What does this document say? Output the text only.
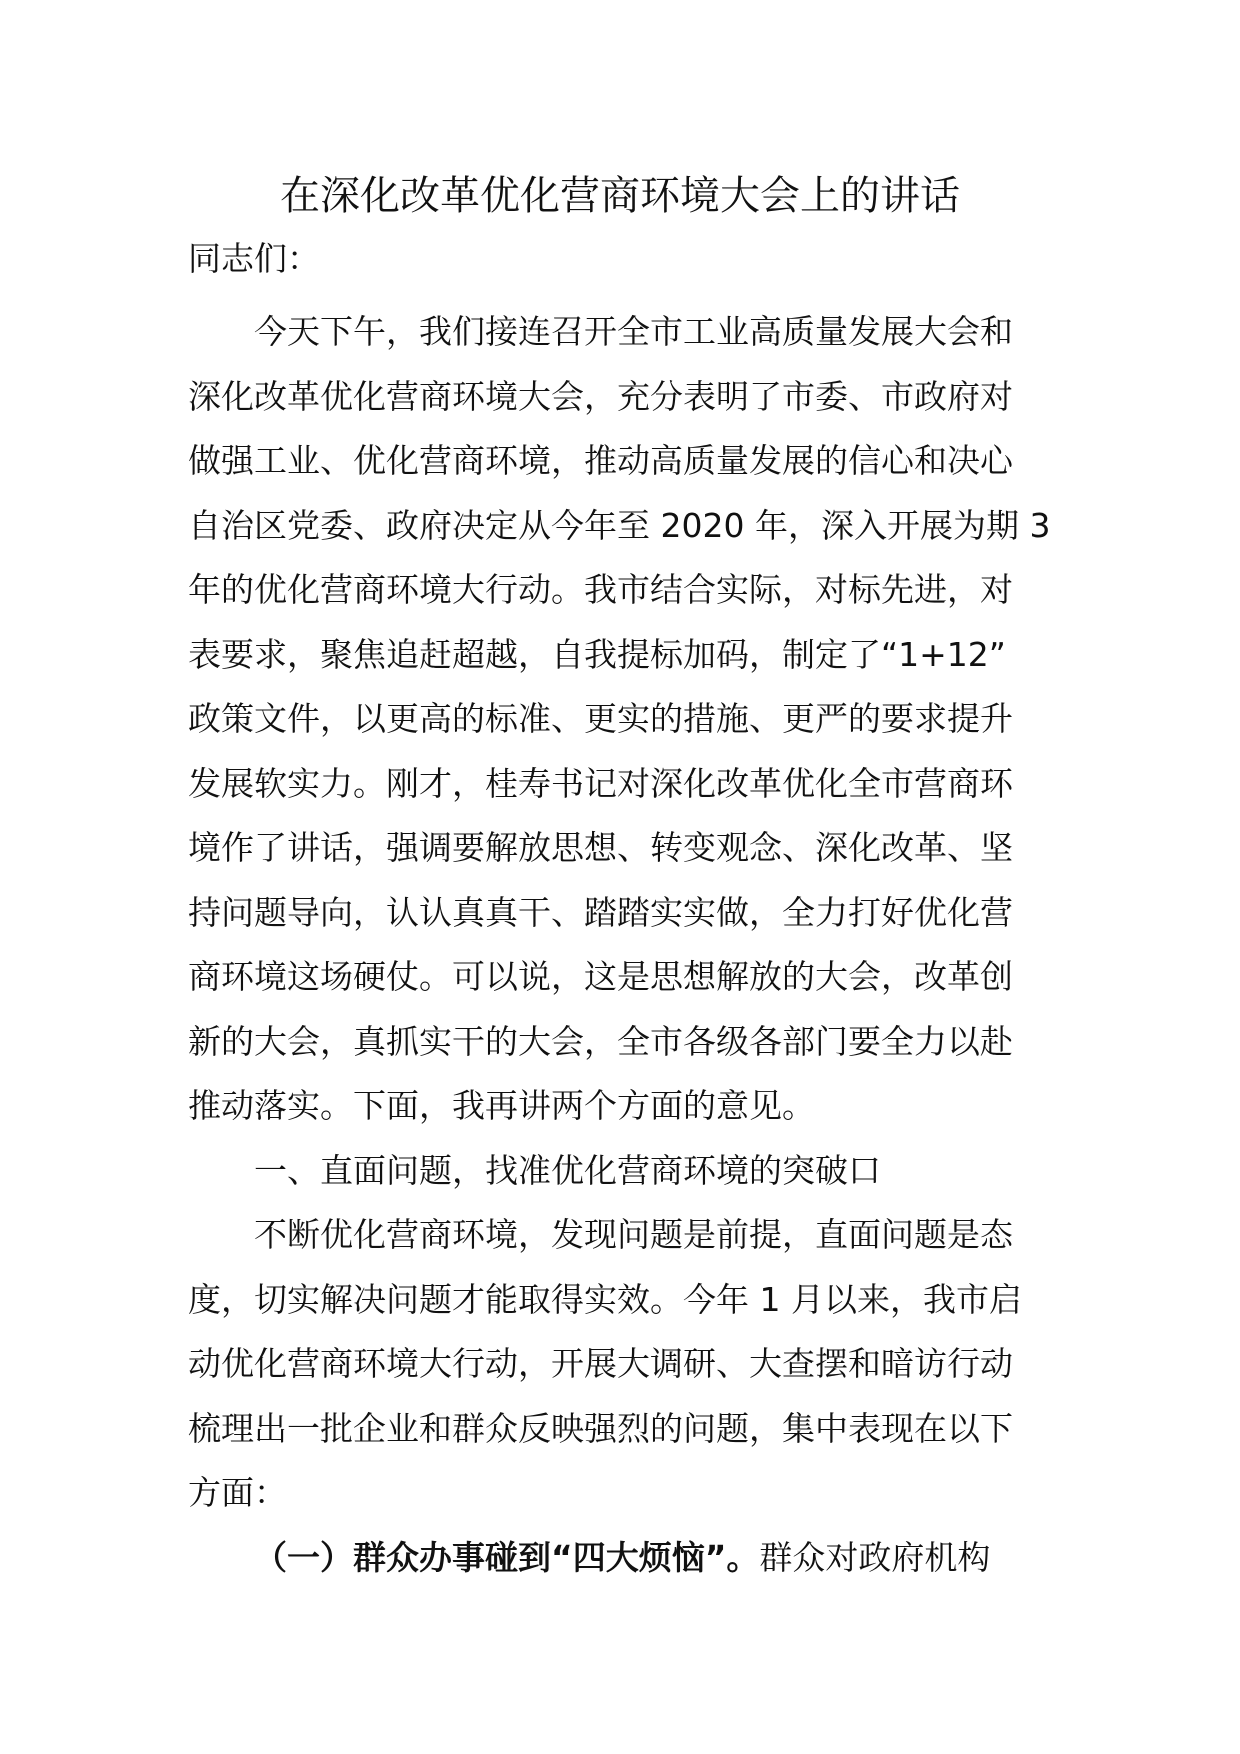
在深化改革优化营商环境大会上的讲话
同志们：
今天下午，我们接连召开全市工业高质量发展大会和
深化改革优化营商环境大会，充分表明了市委、市政府对
做强工业、优化营商环境，推动高质量发展的信心和决心
自治区党委、政府决定从今年至 2020 年，深入开展为期 3
年的优化营商环境大行动。我市结合实际，对标先进，对
表要求，聚焦追赶超越，自我提标加码，制定了“1+12”
政策文件，以更高的标准、更实的措施、更严的要求提升
发展软实力。刚才，桂寿书记对深化改革优化全市营商环
境作了讲话，强调要解放思想、转变观念、深化改革、坚
持问题导向，认认真真干、踏踏实实做，全力打好优化营
商环境这场硬仗。可以说，这是思想解放的大会，改革创
新的大会，真抓实干的大会，全市各级各部门要全力以赴
推动落实。下面，我再讲两个方面的意见。
一、直面问题，找准优化营商环境的突破口
不断优化营商环境，发现问题是前提，直面问题是态
度，切实解决问题才能取得实效。今年 1 月以来，我市启
动优化营商环境大行动，开展大调研、大查摆和暗访行动
梳理出一批企业和群众反映强烈的问题，集中表现在以下
方面：
（一）群众办事碰到“四大烦恼”。群众对政府机构
